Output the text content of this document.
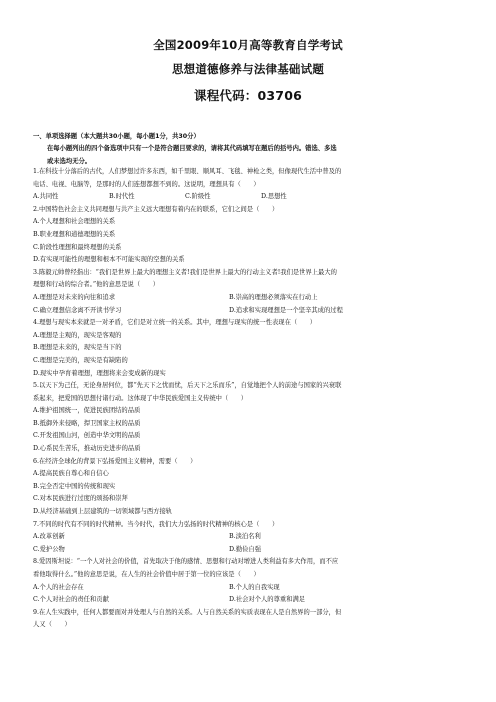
全国2009年10月高等教育自学考试
思想道德修养与法律基础试题
课程代码：03706
一、单项选择题（本大题共30小题，每小题1分，共30分）
在每小题列出的四个备选项中只有一个是符合题目要求的，请将其代码填写在题后的括号内。错选、多选
或未选均无分。
1.在科技十分落后的古代，人们梦想过许多东西，如千里眼、顺风耳、飞毯、神枪之类，但像现代生活中普及的
电话、电视、电脑等，是那时的人们连想都想不到的。这说明，理想具有（　　）
A.共同性	B.时代性	C.阶级性	D.思想性
2.中国特色社会主义共同理想与共产主义远大理想有着内在的联系，它们之间是（　　）
A.个人理想和社会理想的关系
B.职业理想和道德理想的关系
C.阶段性理想和最终理想的关系
D.有实现可能性的理想和根本不可能实现的空想的关系
3.陈毅元帅曾经指出：“我们是世界上最大的理想主义者!我们是世界上最大的行动主义者!我们是世界上最大的
理想和行动的综合者。”他的意思是说（　　）
A.理想是对未来的向往和追求	B.崇高的理想必须落实在行动上
C.确立理想信念离不开读书学习	D.追求和实现理想是一个坚辛其成的过程
4.理想与现实本来就是一对矛盾，它们是对立统一的关系。其中，理想与现实的统一性表现在（　　）
A.理想是主观的，现实是客观的
B.理想是未来的，现实是当下的
C.理想是完美的，现实是有缺陷的
D.现实中孕育着理想，理想将来会变成新的现实
5.以天下为己任，无论身居何位，都“先天下之忧而忧，后天下之乐而乐”，自觉地把个人的前途与国家的兴衰联
系起来，把爱国的思想付诸行动。这体现了中华民族爱国主义传统中（　　）
A.维护祖国统一，促进民族团结的品质
B.抵御外来侵略，捍卫国家主权的品质
C.开发祖国山河，创造中华文明的品质
D.心系民生苦乐，推动历史进步的品质
6.在经济全球化的背景下弘扬爱国主义精神，需要（　　）
A.提高民族自尊心和自信心
B.完全否定中国的传统和现实
C.对本民族进行过度的颂扬和崇拜
D.从经济基础到上层建筑的一切领域都与西方接轨
7.不同的时代有不同的时代精神。当今时代，我们大力弘扬的时代精神的核心是（　　）
A.改革创新	B.淡泊名利
C.爱护公物	D.勤俭自强
8.爱因斯坦说：“一个人对社会的价值，首先取决于他的感情、思想和行动对增进人类利益有多大作用，而不应
看他取得什么。”他的意思是说，在人生的社会价值中居于第一位的应该是（　　）
A.个人的社会存在	B.个人的自我实现
C.个人对社会的责任和贡献	D.社会对个人的尊重和满足
9.在人生实践中，任何人都要面对并处理人与自然的关系。人与自然关系的实质表现在人是自然界的一部分，但
人又（　　）
